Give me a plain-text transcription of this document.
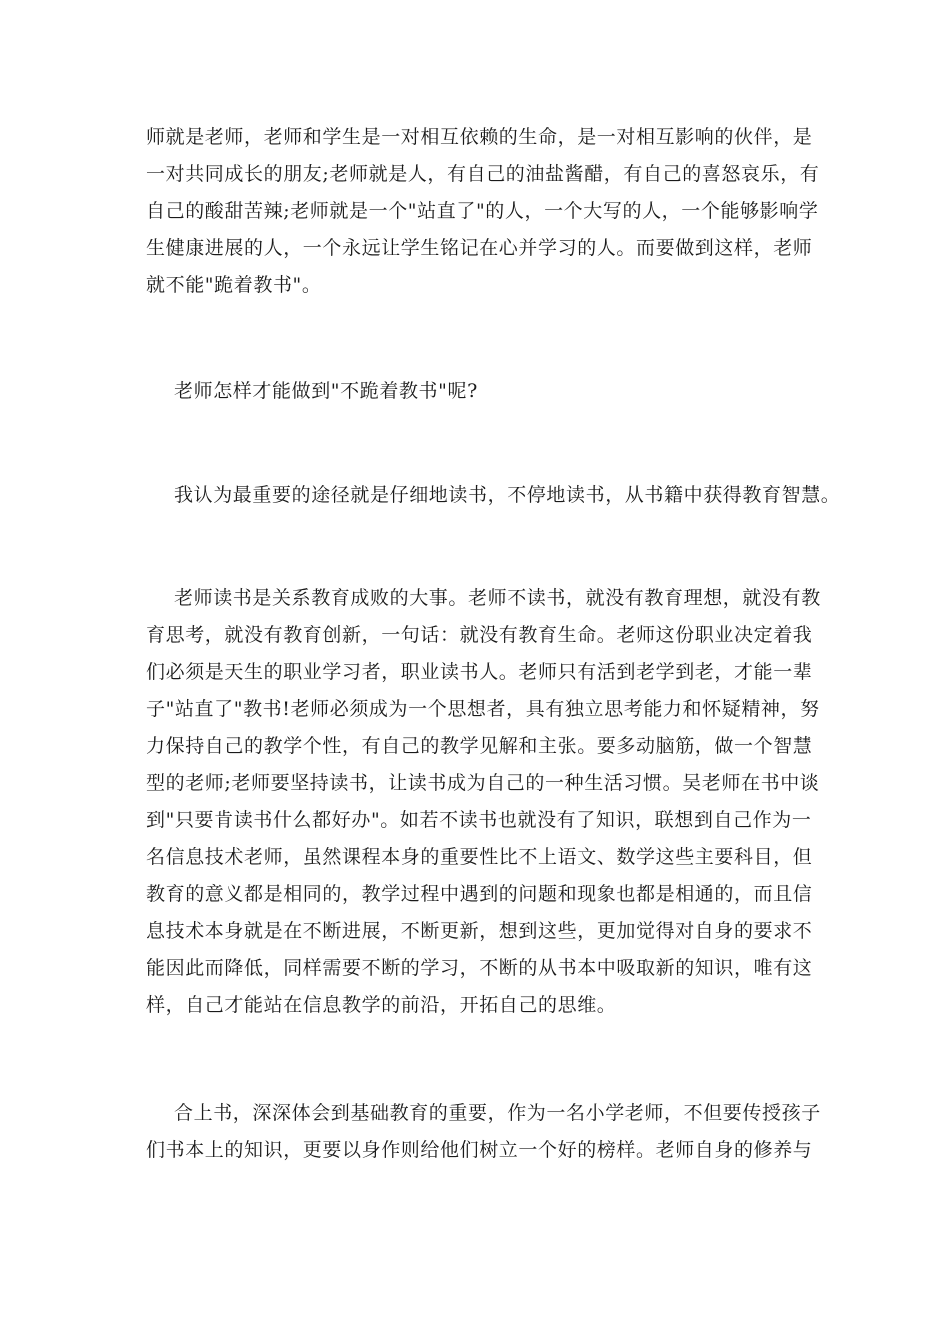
师就是老师，老师和学生是一对相互依赖的生命，是一对相互影响的伙伴，是
一对共同成长的朋友;老师就是人，有自己的油盐酱醋，有自己的喜怒哀乐，有
自己的酸甜苦辣;老师就是一个"站直了"的人，一个大写的人，一个能够影响学
生健康进展的人，一个永远让学生铭记在心并学习的人。而要做到这样，老师
就不能"跪着教书"。
老师怎样才能做到"不跪着教书"呢?
我认为最重要的途径就是仔细地读书，不停地读书，从书籍中获得教育智慧。
老师读书是关系教育成败的大事。老师不读书，就没有教育理想，就没有教
育思考，就没有教育创新，一句话：就没有教育生命。老师这份职业决定着我
们必须是天生的职业学习者，职业读书人。老师只有活到老学到老，才能一辈
子"站直了"教书!老师必须成为一个思想者，具有独立思考能力和怀疑精神，努
力保持自己的教学个性，有自己的教学见解和主张。要多动脑筋，做一个智慧
型的老师;老师要坚持读书，让读书成为自己的一种生活习惯。吴老师在书中谈
到"只要肯读书什么都好办"。如若不读书也就没有了知识，联想到自己作为一
名信息技术老师，虽然课程本身的重要性比不上语文、数学这些主要科目，但
教育的意义都是相同的，教学过程中遇到的问题和现象也都是相通的，而且信
息技术本身就是在不断进展，不断更新，想到这些，更加觉得对自身的要求不
能因此而降低，同样需要不断的学习，不断的从书本中吸取新的知识，唯有这
样，自己才能站在信息教学的前沿，开拓自己的思维。
合上书，深深体会到基础教育的重要，作为一名小学老师，不但要传授孩子
们书本上的知识，更要以身作则给他们树立一个好的榜样。老师自身的修养与
